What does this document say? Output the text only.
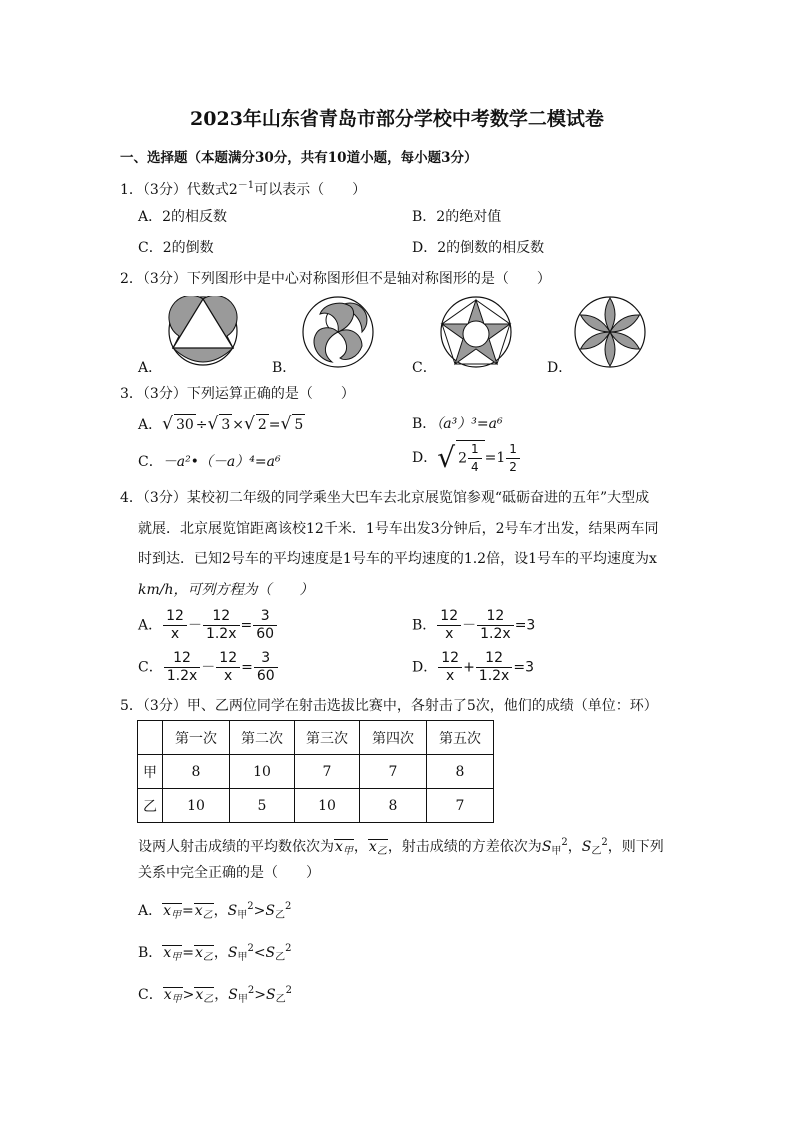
2023年山东省青岛市部分学校中考数学二模试卷
一、选择题（本题满分30分，共有10道小题，每小题3分）
1．（3分）代数式$2^{-1}$可以表示（　　）
A．2的相反数	B．2的绝对值
C．2的倒数	D．2的倒数的相反数
2．（3分）下列图形中是中心对称图形但不是轴对称图形的是（　　）
A．	B．	C．	D．
3．（3分）下列运算正确的是（　　）
A．√ 30 ÷√ 3 ×√ 2 =√ 5	B．（a³）³=a⁶
C．－a²•（－a）⁴=a⁶	D．√ $2 \frac{1}{4} =1 \frac{1}{2}$
4．（3分）某校初二年级的同学乘坐大巴车去北京展览馆参观“砥砺奋进的五年”大型成
就展．北京展览馆距离该校12千米．1号车出发3分钟后，2号车才出发，结果两车同
时到达．已知2号车的平均速度是1号车的平均速度的1.2倍，设1号车的平均速度为x
km/h，可列方程为（　　）
A． $\frac{12}{x} - \frac{12}{1.2x} = \frac{3}{60}$	B． $\frac{12}{x} - \frac{12}{1.2x} =3$
C． $\frac{12}{1.2x} - \frac{12}{x} = \frac{3}{60}$	D． $\frac{12}{x} + \frac{12}{1.2x} =3$
5．（3分）甲、乙两位同学在射击选拔比赛中，各射击了5次，他们的成绩（单位：环）
	第一次	第二次	第三次	第四次	第五次
甲	8	10	7	7	8
乙	10	5	10	8	7
设两人射击成绩的平均数依次为$x_甲$，$x_乙$，射击成绩的方差依次为$S_甲^2$，$S_乙^2$，则下列
关系中完全正确的是（　　）
A．$x_甲=x_乙$，$S_甲^2>S_乙^2$
B．$x_甲=x_乙$，$S_甲^2<S_乙^2$
C．$x_甲>x_乙$，$S_甲^2>S_乙^2$
